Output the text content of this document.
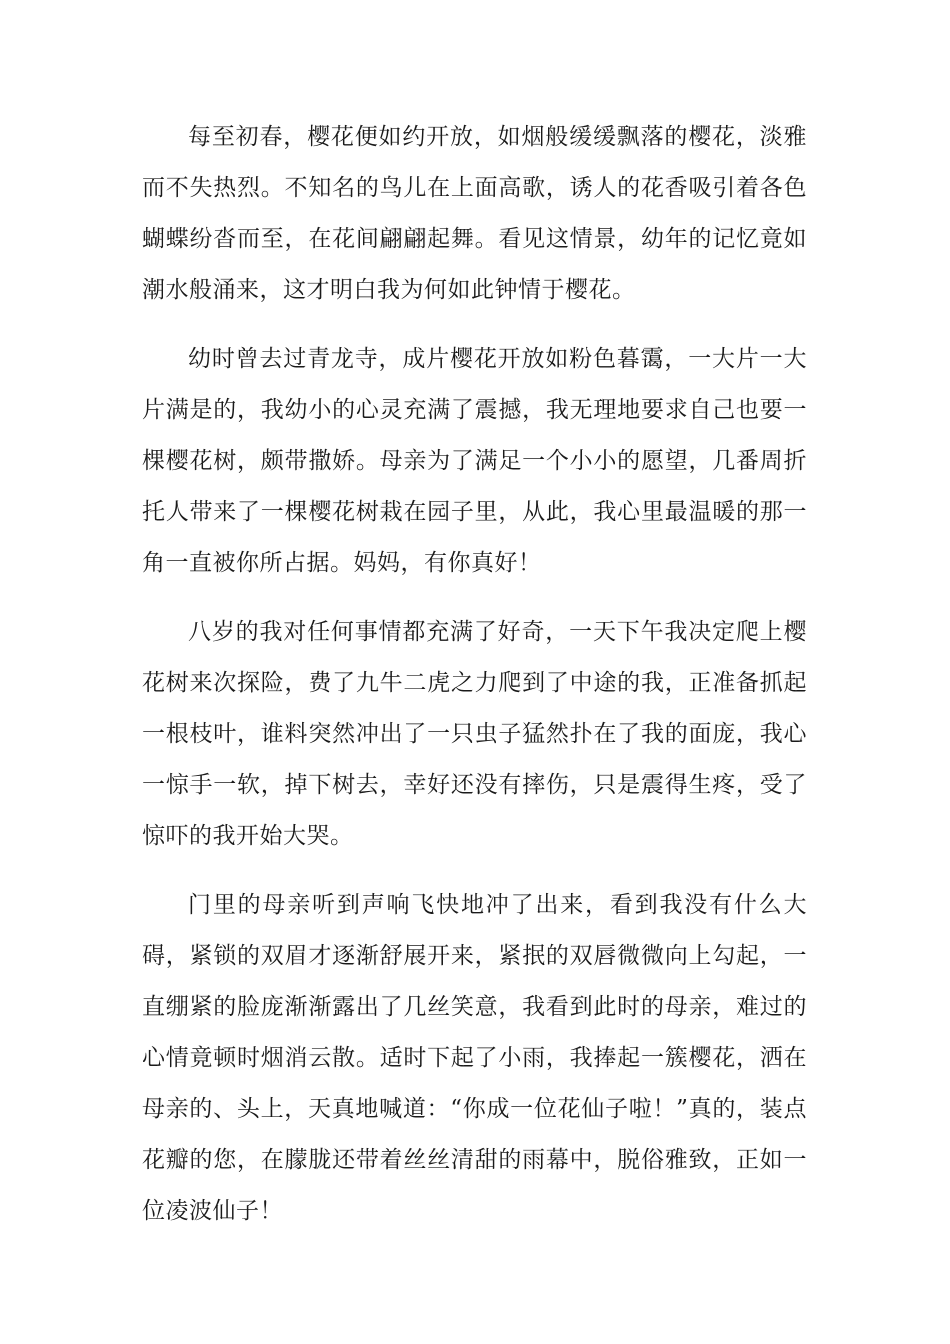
每至初春，樱花便如约开放，如烟般缓缓飘落的樱花，淡雅而不失热烈。不知名的鸟儿在上面高歌，诱人的花香吸引着各色蝴蝶纷沓而至，在花间翩翩起舞。看见这情景，幼年的记忆竟如潮水般涌来，这才明白我为何如此钟情于樱花。

幼时曾去过青龙寺，成片樱花开放如粉色暮霭，一大片一大片满是的，我幼小的心灵充满了震撼，我无理地要求自己也要一棵樱花树，颇带撒娇。母亲为了满足一个小小的愿望，几番周折托人带来了一棵樱花树栽在园子里，从此，我心里最温暖的那一角一直被你所占据。妈妈，有你真好！

八岁的我对任何事情都充满了好奇，一天下午我决定爬上樱花树来次探险，费了九牛二虎之力爬到了中途的我，正准备抓起一根枝叶，谁料突然冲出了一只虫子猛然扑在了我的面庞，我心一惊手一软，掉下树去，幸好还没有摔伤，只是震得生疼，受了惊吓的我开始大哭。

门里的母亲听到声响飞快地冲了出来，看到我没有什么大碍，紧锁的双眉才逐渐舒展开来，紧抿的双唇微微向上勾起，一直绷紧的脸庞渐渐露出了几丝笑意，我看到此时的母亲，难过的心情竟顿时烟消云散。适时下起了小雨，我捧起一簇樱花，洒在母亲的、头上，天真地喊道：“你成一位花仙子啦！”真的，装点花瓣的您，在朦胧还带着丝丝清甜的雨幕中，脱俗雅致，正如一位凌波仙子！
